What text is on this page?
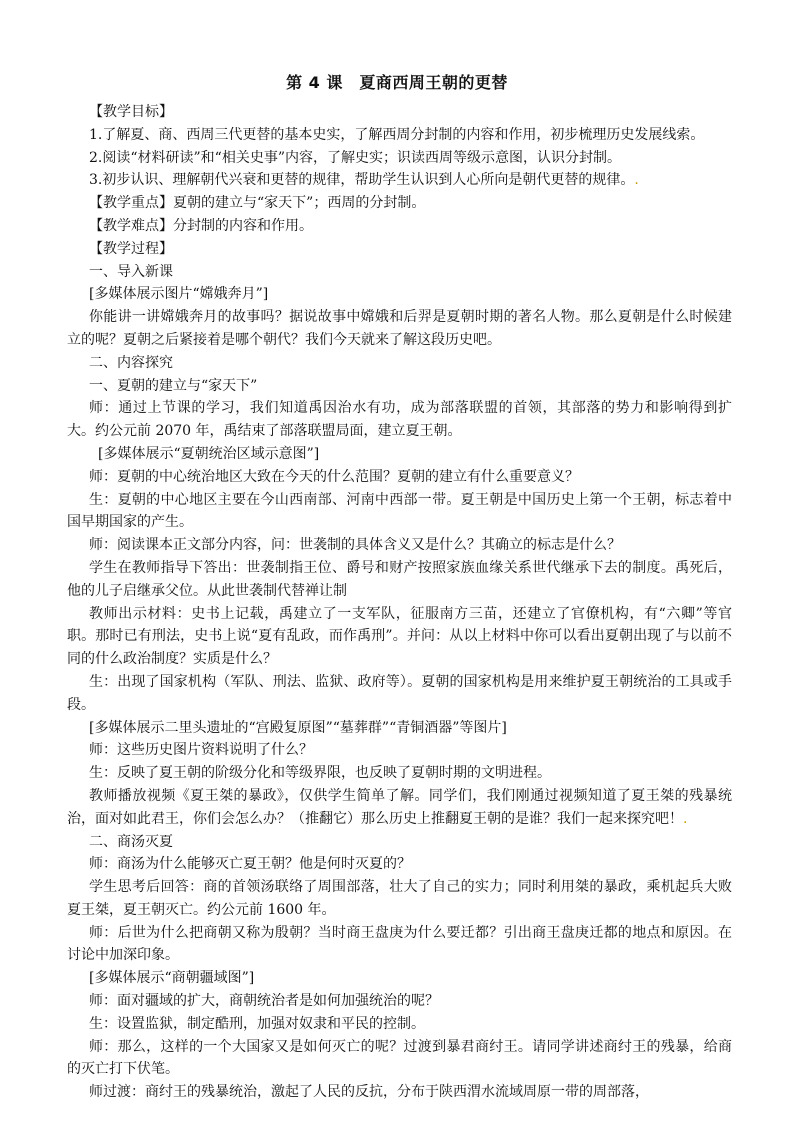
第 4 课　夏商西周王朝的更替

【教学目标】

1.了解夏、商、西周三代更替的基本史实，了解西周分封制的内容和作用，初步梳理历史发展线索。

2.阅读“材料研读”和“相关史事”内容，了解史实；识读西周等级示意图，认识分封制。

3.初步认识、理解朝代兴衰和更替的规律，帮助学生认识到人心所向是朝代更替的规律。.

【教学重点】夏朝的建立与“家天下”；西周的分封制。

【教学难点】分封制的内容和作用。

【教学过程】

一、导入新课

[多媒体展示图片“嫦娥奔月”]

你能讲一讲嫦娥奔月的故事吗？据说故事中嫦娥和后羿是夏朝时期的著名人物。那么夏朝是什么时候建立的呢？夏朝之后紧接着是哪个朝代？我们今天就来了解这段历史吧。

二、内容探究

一、夏朝的建立与“家天下”

师：通过上节课的学习，我们知道禹因治水有功，成为部落联盟的首领，其部落的势力和影响得到扩大。约公元前 2070 年，禹结束了部落联盟局面，建立夏王朝。

[多媒体展示“夏朝统治区域示意图”]

师：夏朝的中心统治地区大致在今天的什么范围？夏朝的建立有什么重要意义？

生：夏朝的中心地区主要在今山西南部、河南中西部一带。夏王朝是中国历史上第一个王朝，标志着中国早期国家的产生。

师：阅读课本正文部分内容，问：世袭制的具体含义又是什么？其确立的标志是什么？

学生在教师指导下答出：世袭制指王位、爵号和财产按照家族血缘关系世代继承下去的制度。禹死后，他的儿子启继承父位。从此世袭制代替禅让制

教师出示材料：史书上记载，禹建立了一支军队，征服南方三苗，还建立了官僚机构，有“六卿”等官职。那时已有刑法，史书上说“夏有乱政，而作禹刑”。并问：从以上材料中你可以看出夏朝出现了与以前不同的什么政治制度？实质是什么？

生：出现了国家机构（军队、刑法、监狱、政府等）。夏朝的国家机构是用来维护夏王朝统治的工具或手段。

[多媒体展示二里头遗址的“宫殿复原图”“墓葬群”“青铜酒器”等图片]

师：这些历史图片资料说明了什么？

生：反映了夏王朝的阶级分化和等级界限，也反映了夏朝时期的文明进程。

教师播放视频《夏王桀的暴政》，仅供学生简单了解。同学们，我们刚通过视频知道了夏王桀的残暴统治，面对如此君王，你们会怎么办？（推翻它）那么历史上推翻夏王朝的是谁？我们一起来探究吧！.

二、商汤灭夏

师：商汤为什么能够灭亡夏王朝？他是何时灭夏的？

学生思考后回答：商的首领汤联络了周围部落，壮大了自己的实力；同时利用桀的暴政，乘机起兵大败夏王桀，夏王朝灭亡。约公元前 1600 年。

师：后世为什么把商朝又称为殷朝？当时商王盘庚为什么要迁都？引出商王盘庚迁都的地点和原因。在讨论中加深印象。

[多媒体展示“商朝疆域图”]

师：面对疆域的扩大，商朝统治者是如何加强统治的呢？

生：设置监狱，制定酷刑，加强对奴隶和平民的控制。

师：那么，这样的一个大国家又是如何灭亡的呢？过渡到暴君商纣王。请同学讲述商纣王的残暴，给商的灭亡打下伏笔。

师过渡：商纣王的残暴统治，激起了人民的反抗，分布于陕西渭水流域周原一带的周部落，
